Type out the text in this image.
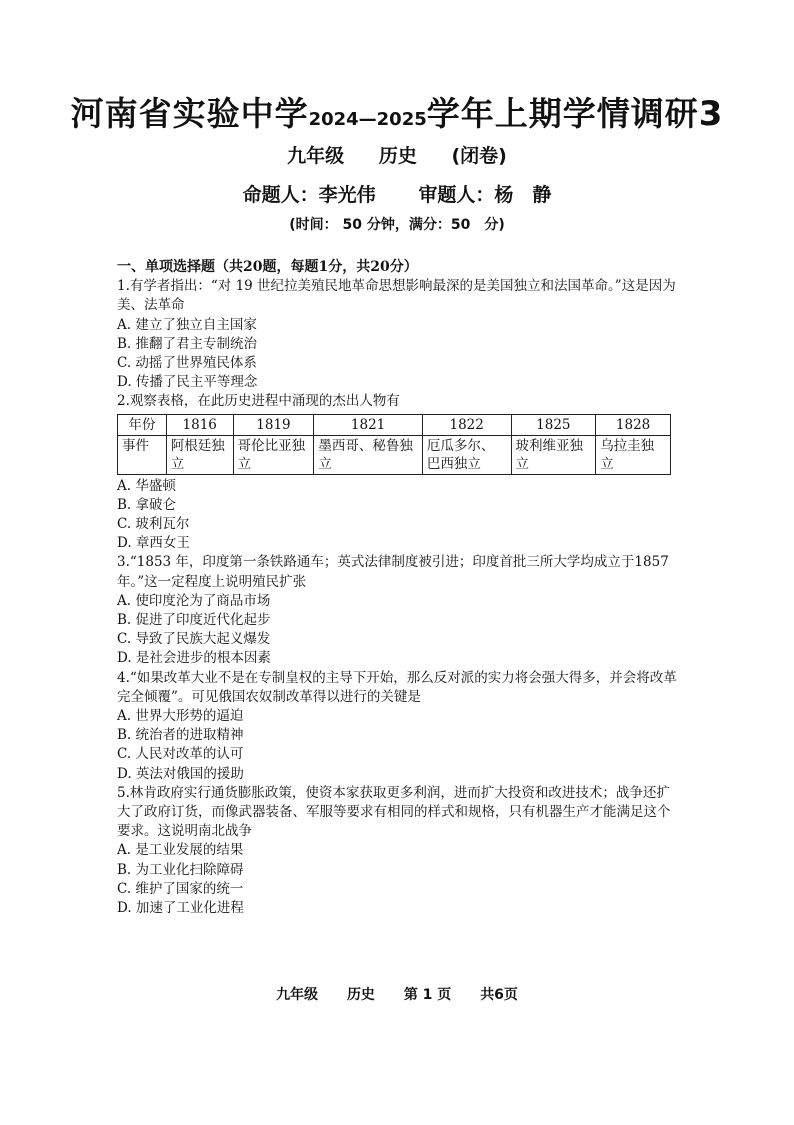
河南省实验中学2024—2025学年上期学情调研3
九年级 历史 (闭卷)
命题人：李光伟 审题人：杨　静
(时间： 50 分钟，满分：50　分)
一、单项选择题（共20题，每题1分，共20分）

1.有学者指出：“对 19 世纪拉美殖民地革命思想影响最深的是美国独立和法国革命。”这是因为美、法革命

A. 建立了独立自主国家

B. 推翻了君主专制统治

C. 动摇了世界殖民体系

D. 传播了民主平等理念

2.观察表格，在此历史进程中涌现的杰出人物有

年份	1816	1819	1821	1822	1825	1828
事件	阿根廷独立	哥伦比亚独立	墨西哥、秘鲁独立	厄瓜多尔、巴西独立	玻利维亚独立	乌拉圭独立

A. 华盛顿

B. 拿破仑

C. 玻利瓦尔

D. 章西女王

3.“1853 年，印度第一条铁路通车；英式法律制度被引进；印度首批三所大学均成立于1857年。”这一定程度上说明殖民扩张

A. 使印度沦为了商品市场

B. 促进了印度近代化起步

C. 导致了民族大起义爆发

D. 是社会进步的根本因素

4.“如果改革大业不是在专制皇权的主导下开始，那么反对派的实力将会强大得多，并会将改革完全倾覆”。可见俄国农奴制改革得以进行的关键是

A. 世界大形势的逼迫

B. 统治者的进取精神

C. 人民对改革的认可

D. 英法对俄国的援助

5.林肯政府实行通货膨胀政策，使资本家获取更多利润，进而扩大投资和改进技术；战争还扩大了政府订货，而像武器装备、军服等要求有相同的样式和规格，只有机器生产才能满足这个要求。这说明南北战争

A. 是工业发展的结果

B. 为工业化扫除障碍

C. 维护了国家的统一

D. 加速了工业化进程

九年级 历史 第 1 页 共6页
